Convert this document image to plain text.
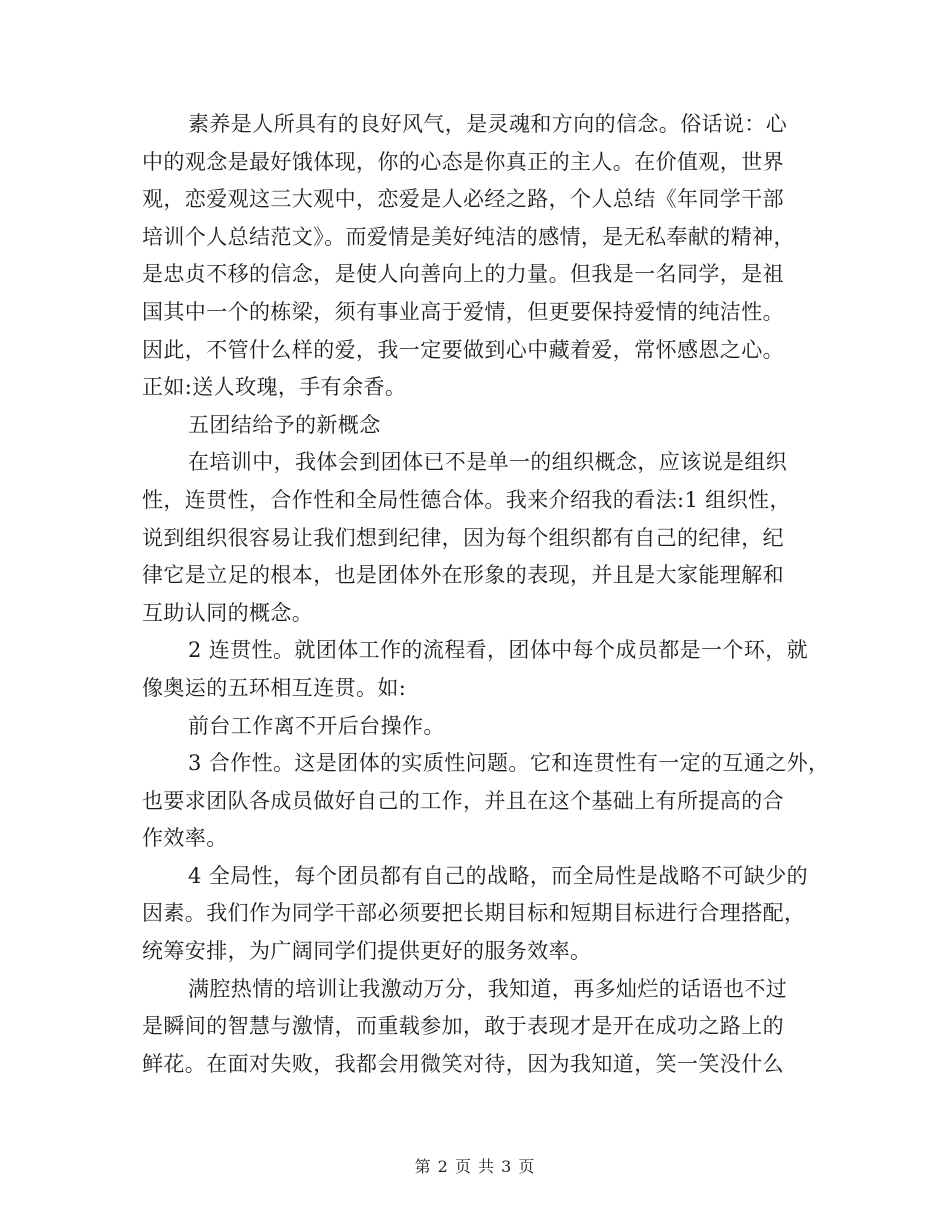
素养是人所具有的良好风气，是灵魂和方向的信念。俗话说：心
中的观念是最好饿体现，你的心态是你真正的主人。在价值观，世界
观，恋爱观这三大观中，恋爱是人必经之路，个人总结《年同学干部
培训个人总结范文》。而爱情是美好纯洁的感情，是无私奉献的精神，
是忠贞不移的信念，是使人向善向上的力量。但我是一名同学，是祖
国其中一个的栋梁，须有事业高于爱情，但更要保持爱情的纯洁性。
因此，不管什么样的爱，我一定要做到心中藏着爱，常怀感恩之心。
正如:送人玫瑰，手有余香。
五团结给予的新概念
在培训中，我体会到团体已不是单一的组织概念，应该说是组织
性，连贯性，合作性和全局性德合体。我来介绍我的看法:1 组织性，
说到组织很容易让我们想到纪律，因为每个组织都有自己的纪律，纪
律它是立足的根本，也是团体外在形象的表现，并且是大家能理解和
互助认同的概念。
2 连贯性。就团体工作的流程看，团体中每个成员都是一个环，就
像奥运的五环相互连贯。如:
前台工作离不开后台操作。
3 合作性。这是团体的实质性问题。它和连贯性有一定的互通之外，
也要求团队各成员做好自己的工作，并且在这个基础上有所提高的合
作效率。
4 全局性，每个团员都有自己的战略，而全局性是战略不可缺少的
因素。我们作为同学干部必须要把长期目标和短期目标进行合理搭配，
统筹安排，为广阔同学们提供更好的服务效率。
满腔热情的培训让我激动万分，我知道，再多灿烂的话语也不过
是瞬间的智慧与激情，而重载参加，敢于表现才是开在成功之路上的
鲜花。在面对失败，我都会用微笑对待，因为我知道，笑一笑没什么
第 2 页 共 3 页
